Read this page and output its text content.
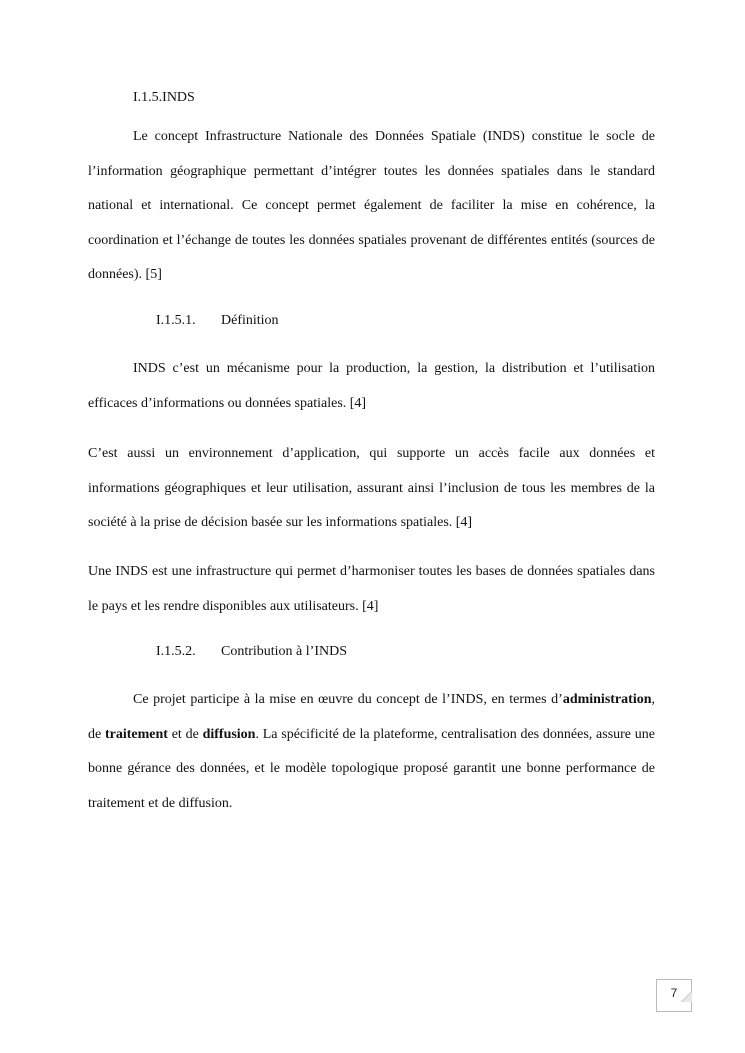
I.1.5.INDS

Le concept Infrastructure Nationale des Données Spatiale (INDS) constitue le socle de l’information géographique permettant d’intégrer toutes les données spatiales dans le standard national et international. Ce concept permet également de faciliter la mise en cohérence, la coordination et l’échange de toutes les données spatiales provenant de différentes entités (sources de données). [5]

I.1.5.1. Définition

INDS c’est un mécanisme pour la production, la gestion, la distribution et l’utilisation efficaces d’informations ou données spatiales. [4]

C’est aussi un environnement d’application, qui supporte un accès facile aux données et informations géographiques et leur utilisation, assurant ainsi l’inclusion de tous les membres de la société à la prise de décision basée sur les informations spatiales. [4]

Une INDS est une infrastructure qui permet d’harmoniser toutes les bases de données spatiales dans le pays et les rendre disponibles aux utilisateurs. [4]

I.1.5.2. Contribution à l’INDS

Ce projet participe à la mise en œuvre du concept de l’INDS, en termes d’administration, de traitement et de diffusion. La spécificité de la plateforme, centralisation des données, assure une bonne gérance des données, et le modèle topologique proposé garantit une bonne performance de traitement et de diffusion.

7
